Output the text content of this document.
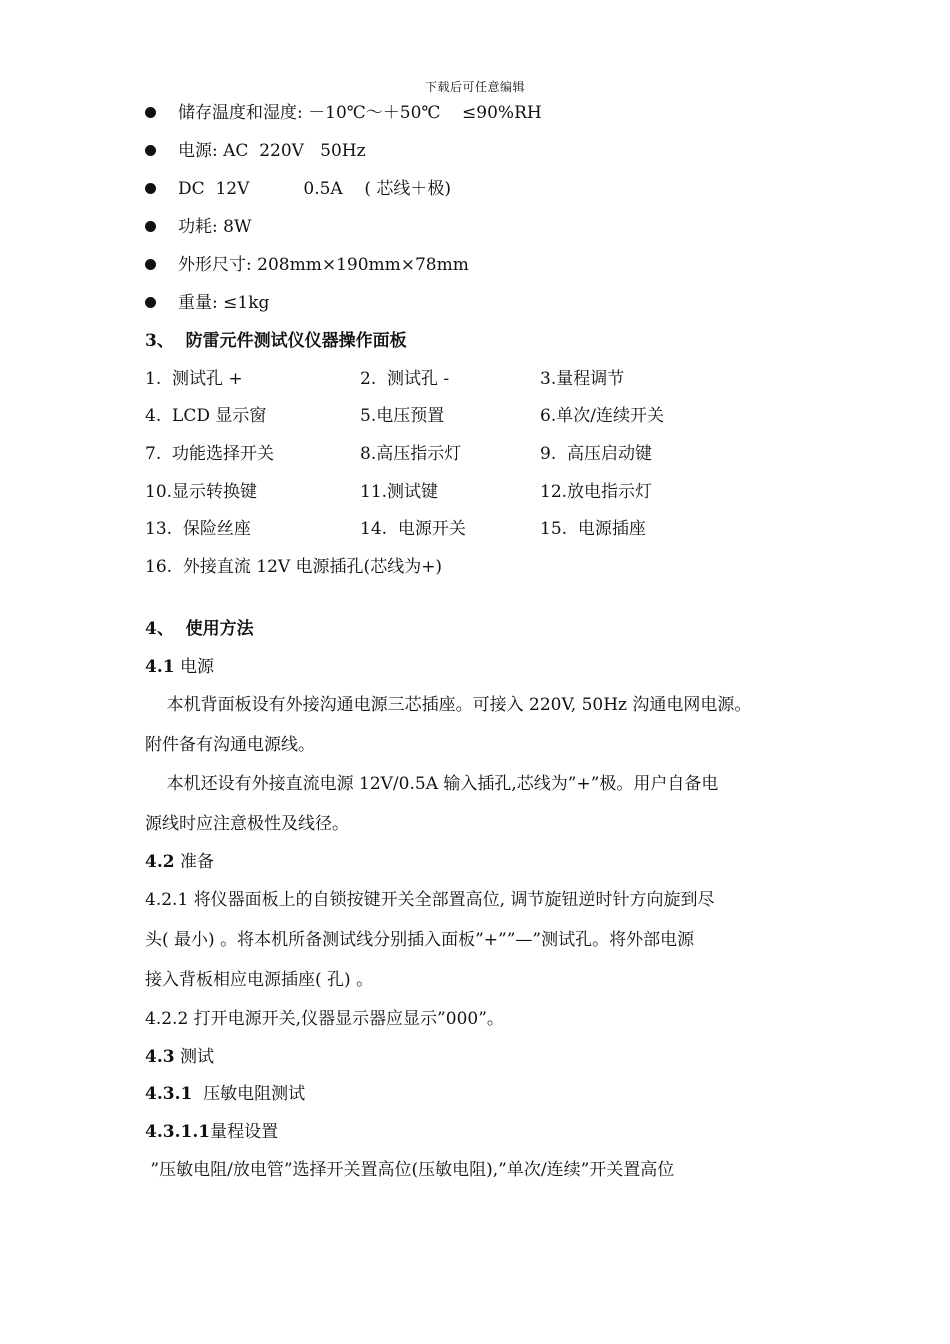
下载后可任意编辑
储存温度和湿度: －10℃～＋50℃    ≤90%RH
电源: AC  220V   50Hz
DC  12V          0.5A    ( 芯线＋极)
功耗: 8W
外形尺寸: 208mm×190mm×78mm
重量: ≤1kg
3、  防雷元件测试仪仪器操作面板
1.  测试孔 +	2.  测试孔 -	3.量程调节
4.  LCD 显示窗	5.电压预置	6.单次/连续开关
7.  功能选择开关	8.高压指示灯	9.  高压启动键
10.显示转换键	11.测试键	12.放电指示灯
13.  保险丝座	14.  电源开关	15.  电源插座
16.  外接直流 12V 电源插孔(芯线为+)
4、  使用方法
4.1 电源
本机背面板设有外接沟通电源三芯插座。可接入 220V, 50Hz 沟通电网电源。
附件备有沟通电源线。
本机还设有外接直流电源 12V/0.5A 输入插孔,芯线为”+”极。用户自备电
源线时应注意极性及线径。
4.2 准备
4.2.1 将仪器面板上的自锁按键开关全部置高位, 调节旋钮逆时针方向旋到尽
头( 最小) 。将本机所备测试线分别插入面板”+””—”测试孔。将外部电源
接入背板相应电源插座( 孔) 。
4.2.2 打开电源开关,仪器显示器应显示”000”。
4.3 测试
4.3.1  压敏电阻测试
4.3.1.1量程设置
”压敏电阻/放电管”选择开关置高位(压敏电阻),”单次/连续”开关置高位
